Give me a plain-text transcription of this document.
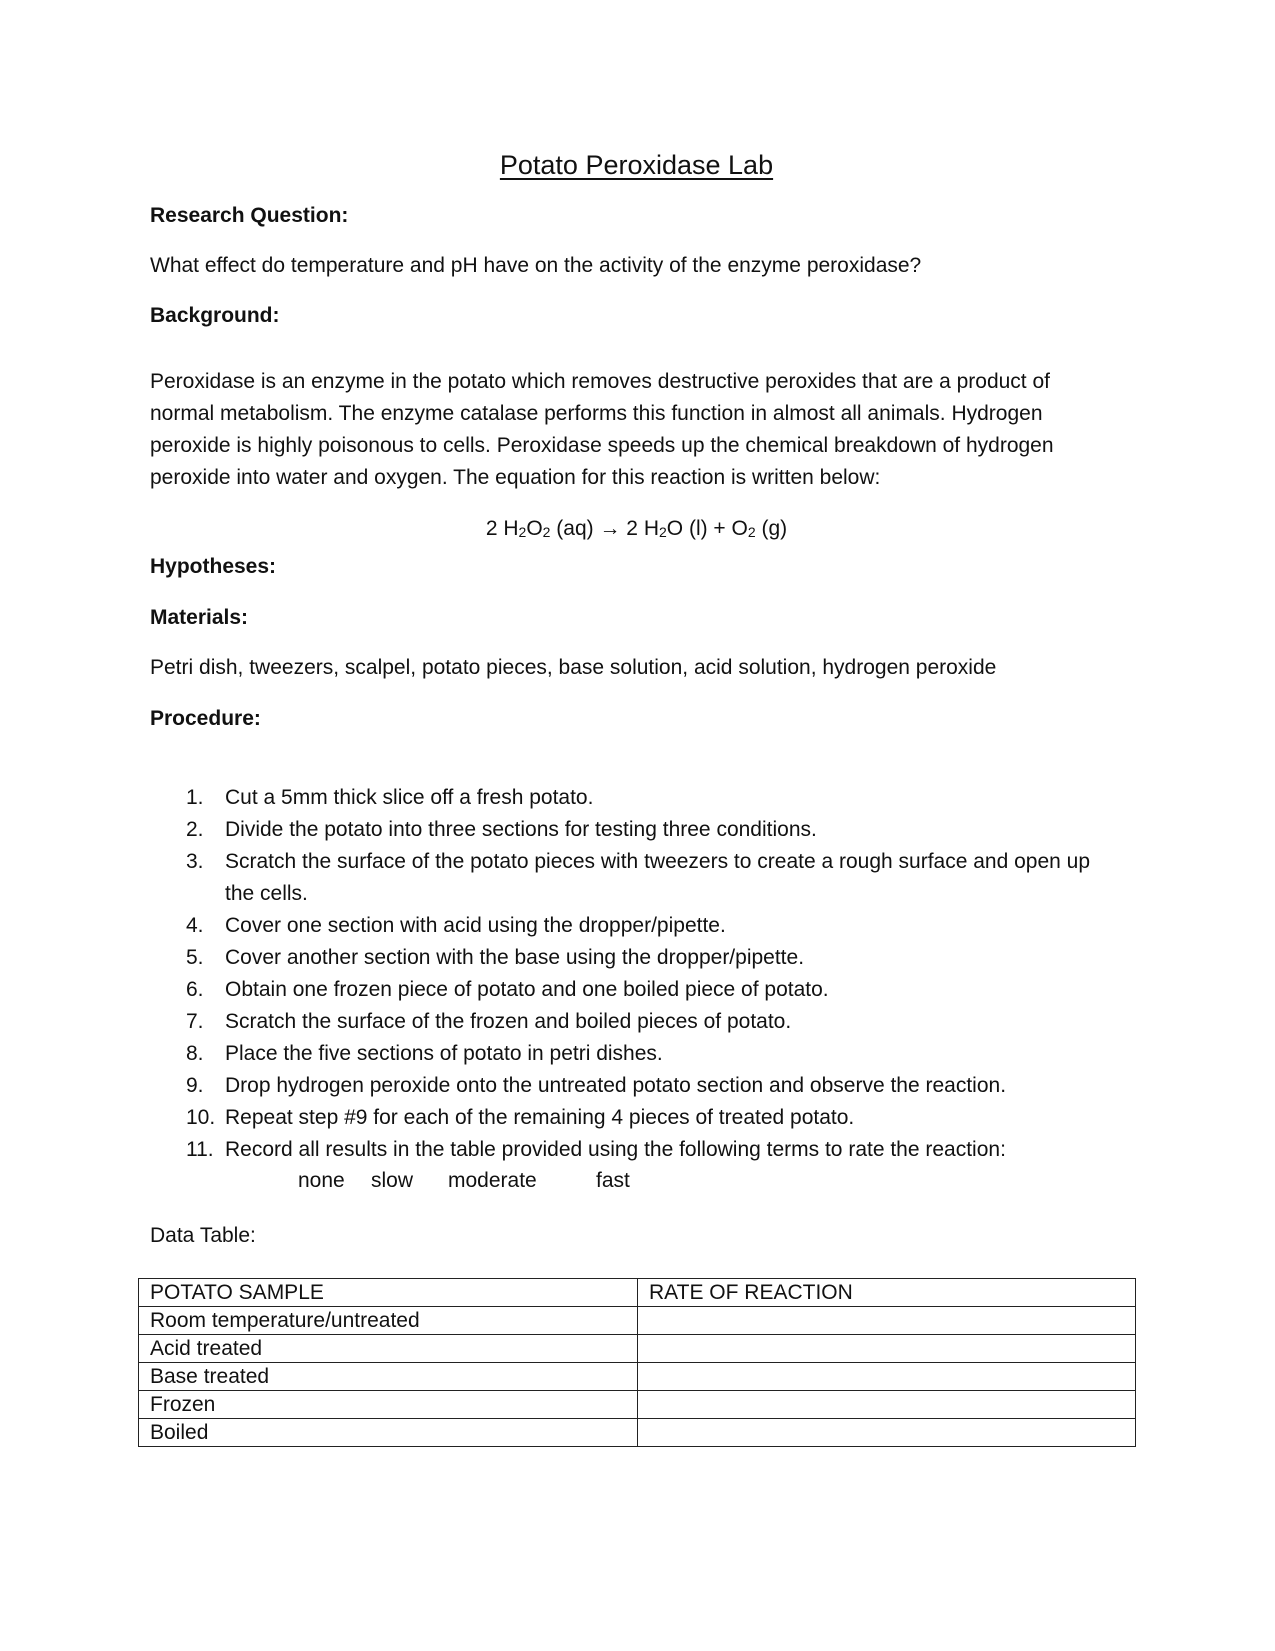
Potato Peroxidase Lab
Research Question:
What effect do temperature and pH have on the activity of the enzyme peroxidase?
Background:
Peroxidase is an enzyme in the potato which removes destructive peroxides that are a product of
normal metabolism. The enzyme catalase performs this function in almost all animals. Hydrogen
peroxide is highly poisonous to cells. Peroxidase speeds up the chemical breakdown of hydrogen
peroxide into water and oxygen. The equation for this reaction is written below:
2 $H_2O_2$ (aq) → 2 $H_2O$ $(l) + O_2$ (g)
Hypotheses:
Materials:
Petri dish, tweezers, scalpel, potato pieces, base solution, acid solution, hydrogen peroxide
Procedure:
1. Cut a 5mm thick slice off a fresh potato.
2. Divide the potato into three sections for testing three conditions.
3. Scratch the surface of the potato pieces with tweezers to create a rough surface and open up
the cells.
4. Cover one section with acid using the dropper/pipette.
5. Cover another section with the base using the dropper/pipette.
6. Obtain one frozen piece of potato and one boiled piece of potato.
7. Scratch the surface of the frozen and boiled pieces of potato.
8. Place the five sections of potato in petri dishes.
9. Drop hydrogen peroxide onto the untreated potato section and observe the reaction.
10. Repeat step #9 for each of the remaining 4 pieces of treated potato.
11. Record all results in the table provided using the following terms to rate the reaction:
none slow moderate	fast
Data Table:
POTATO SAMPLE	RATE OF REACTION
Room temperature/untreated	
Acid treated	
Base treated	
Frozen	
Boiled	
